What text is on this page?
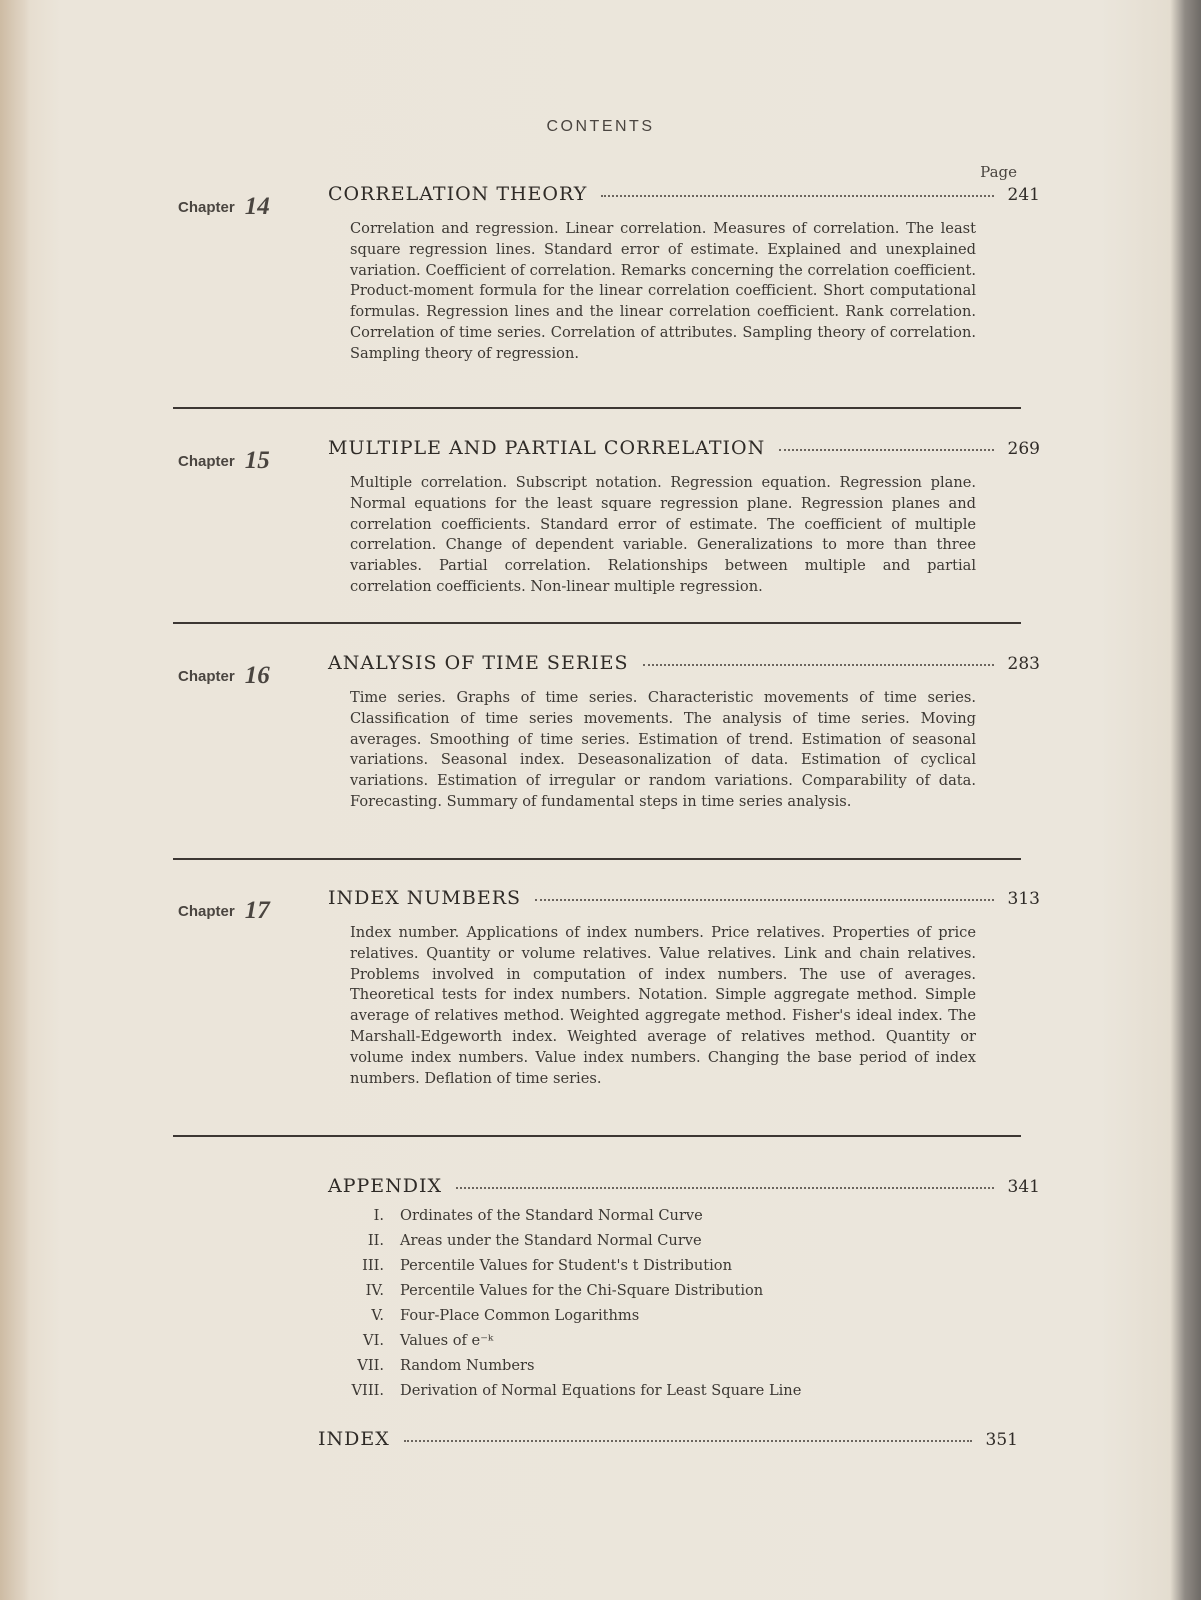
CONTENTS
Page
Chapter 14	CORRELATION THEORY	241
Correlation and regression. Linear correlation. Measures of correlation. The least square regression lines. Standard error of estimate. Explained and unexplained variation. Coefficient of correlation. Remarks concerning the correlation coefficient. Product-moment formula for the linear correlation coefficient. Short computational formulas. Regression lines and the linear correlation coefficient. Rank correlation. Correlation of time series. Correlation of attributes. Sampling theory of correlation. Sampling theory of regression.
Chapter 15	MULTIPLE AND PARTIAL CORRELATION	269
Multiple correlation. Subscript notation. Regression equation. Regression plane. Normal equations for the least square regression plane. Regression planes and correlation coefficients. Standard error of estimate. The coefficient of multiple correlation. Change of dependent variable. Generalizations to more than three variables. Partial correlation. Relationships between multiple and partial correlation coefficients. Non-linear multiple regression.
Chapter 16	ANALYSIS OF TIME SERIES	283
Time series. Graphs of time series. Characteristic movements of time series. Classification of time series movements. The analysis of time series. Moving averages. Smoothing of time series. Estimation of trend. Estimation of seasonal variations. Seasonal index. Deseasonalization of data. Estimation of cyclical variations. Estimation of irregular or random variations. Comparability of data. Forecasting. Summary of fundamental steps in time series analysis.
Chapter 17	INDEX NUMBERS	313
Index number. Applications of index numbers. Price relatives. Properties of price relatives. Quantity or volume relatives. Value relatives. Link and chain relatives. Problems involved in computation of index numbers. The use of averages. Theoretical tests for index numbers. Notation. Simple aggregate method. Simple average of relatives method. Weighted aggregate method. Fisher's ideal index. The Marshall-Edgeworth index. Weighted average of relatives method. Quantity or volume index numbers. Value index numbers. Changing the base period of index numbers. Deflation of time series.
APPENDIX	341
I. Ordinates of the Standard Normal Curve
II. Areas under the Standard Normal Curve
III. Percentile Values for Student's t Distribution
IV. Percentile Values for the Chi-Square Distribution
V. Four-Place Common Logarithms
VI. Values of e⁻ᵏ
VII. Random Numbers
VIII. Derivation of Normal Equations for Least Square Line
INDEX	351
